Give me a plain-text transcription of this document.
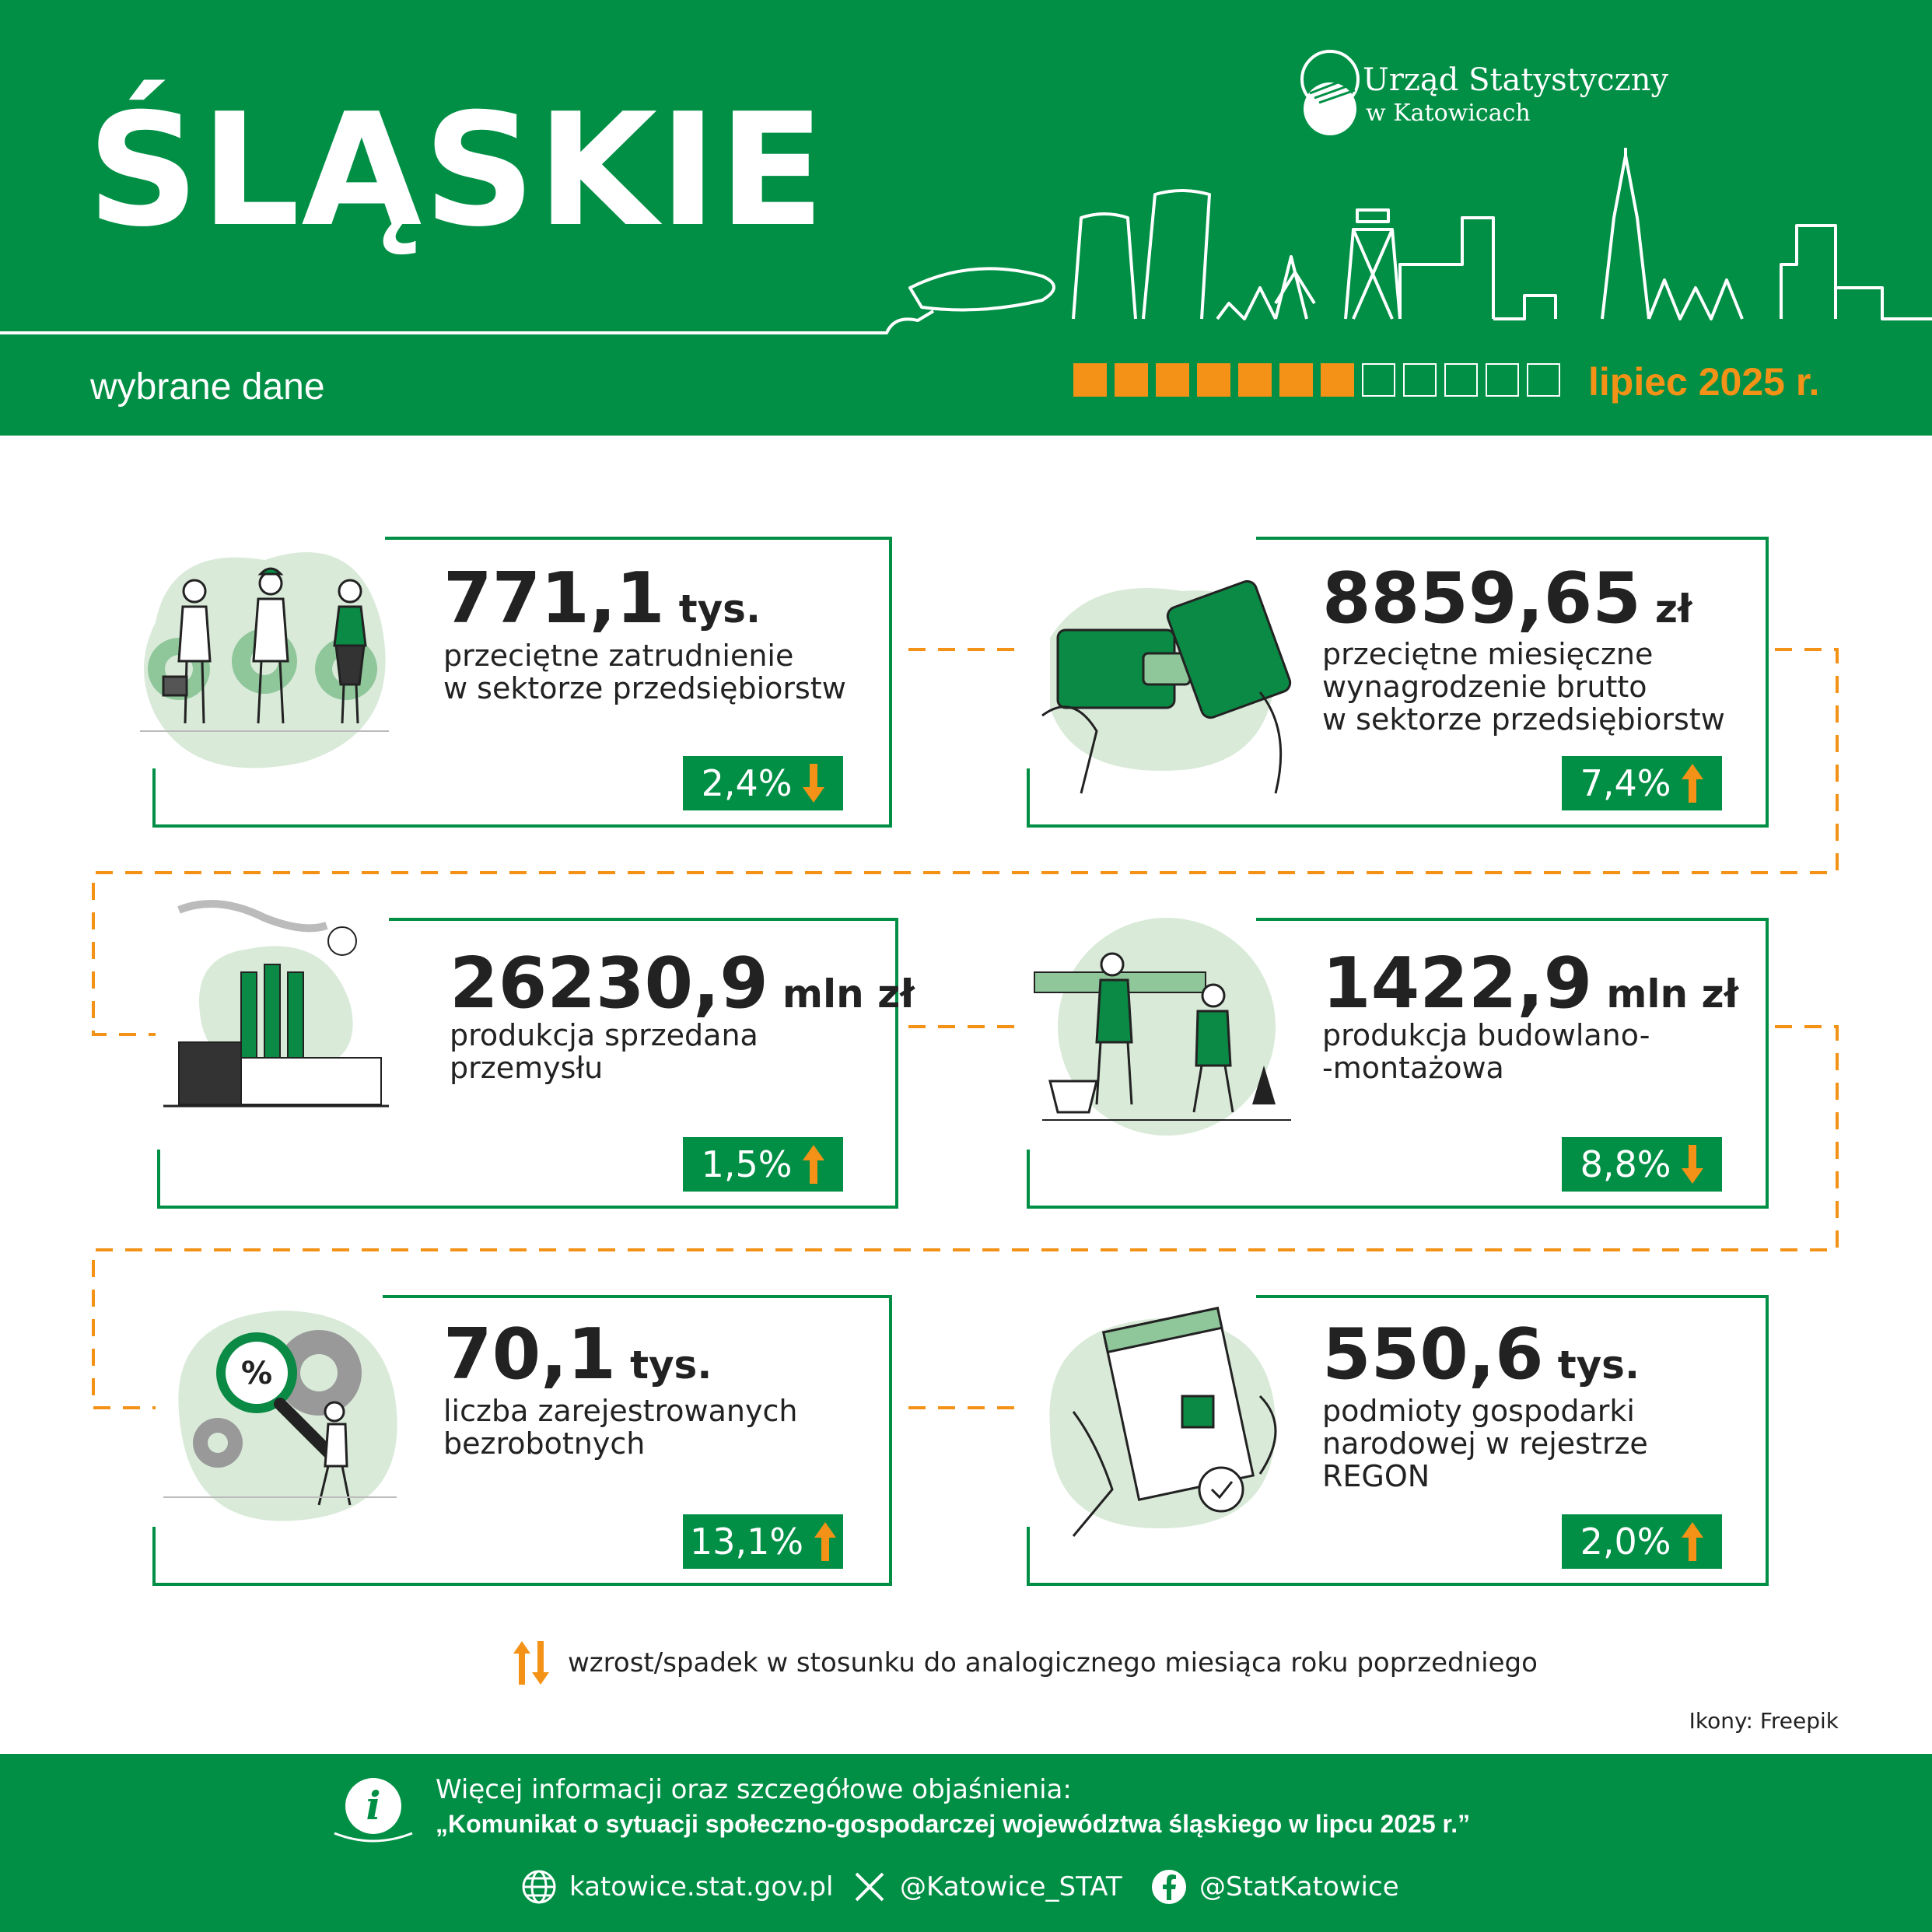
ŚLĄSKIE	Urząd Statystyczny
w Katowicach
wybrane dane	lipiec 2025 r.
771,1 tys.
przeciętne zatrudnienie
w sektorze przedsiębiorstw
2,4%
8859,65 zł
przeciętne miesięczne
wynagrodzenie brutto
w sektorze przedsiębiorstw
7,4%
26230,9 mln zł
produkcja sprzedana
przemysłu
1,5%
1422,9 mln zł
produkcja budowlano-
-montażowa
8,8%
% 70,1 tys.
liczba zarejestrowanych
bezrobotnych
13,1%
550,6 tys.
podmioty gospodarki
narodowej w rejestrze
REGON
2,0%
wzrost/spadek w stosunku do analogicznego miesiąca roku poprzedniego
Ikony: Freepik
i Więcej informacji oraz szczegółowe objaśnienia:
„Komunikat o sytuacji społeczno-gospodarczej województwa śląskiego w lipcu 2025 r.”
katowice.stat.gov.pl	@Katowice_STAT	@StatKatowice
